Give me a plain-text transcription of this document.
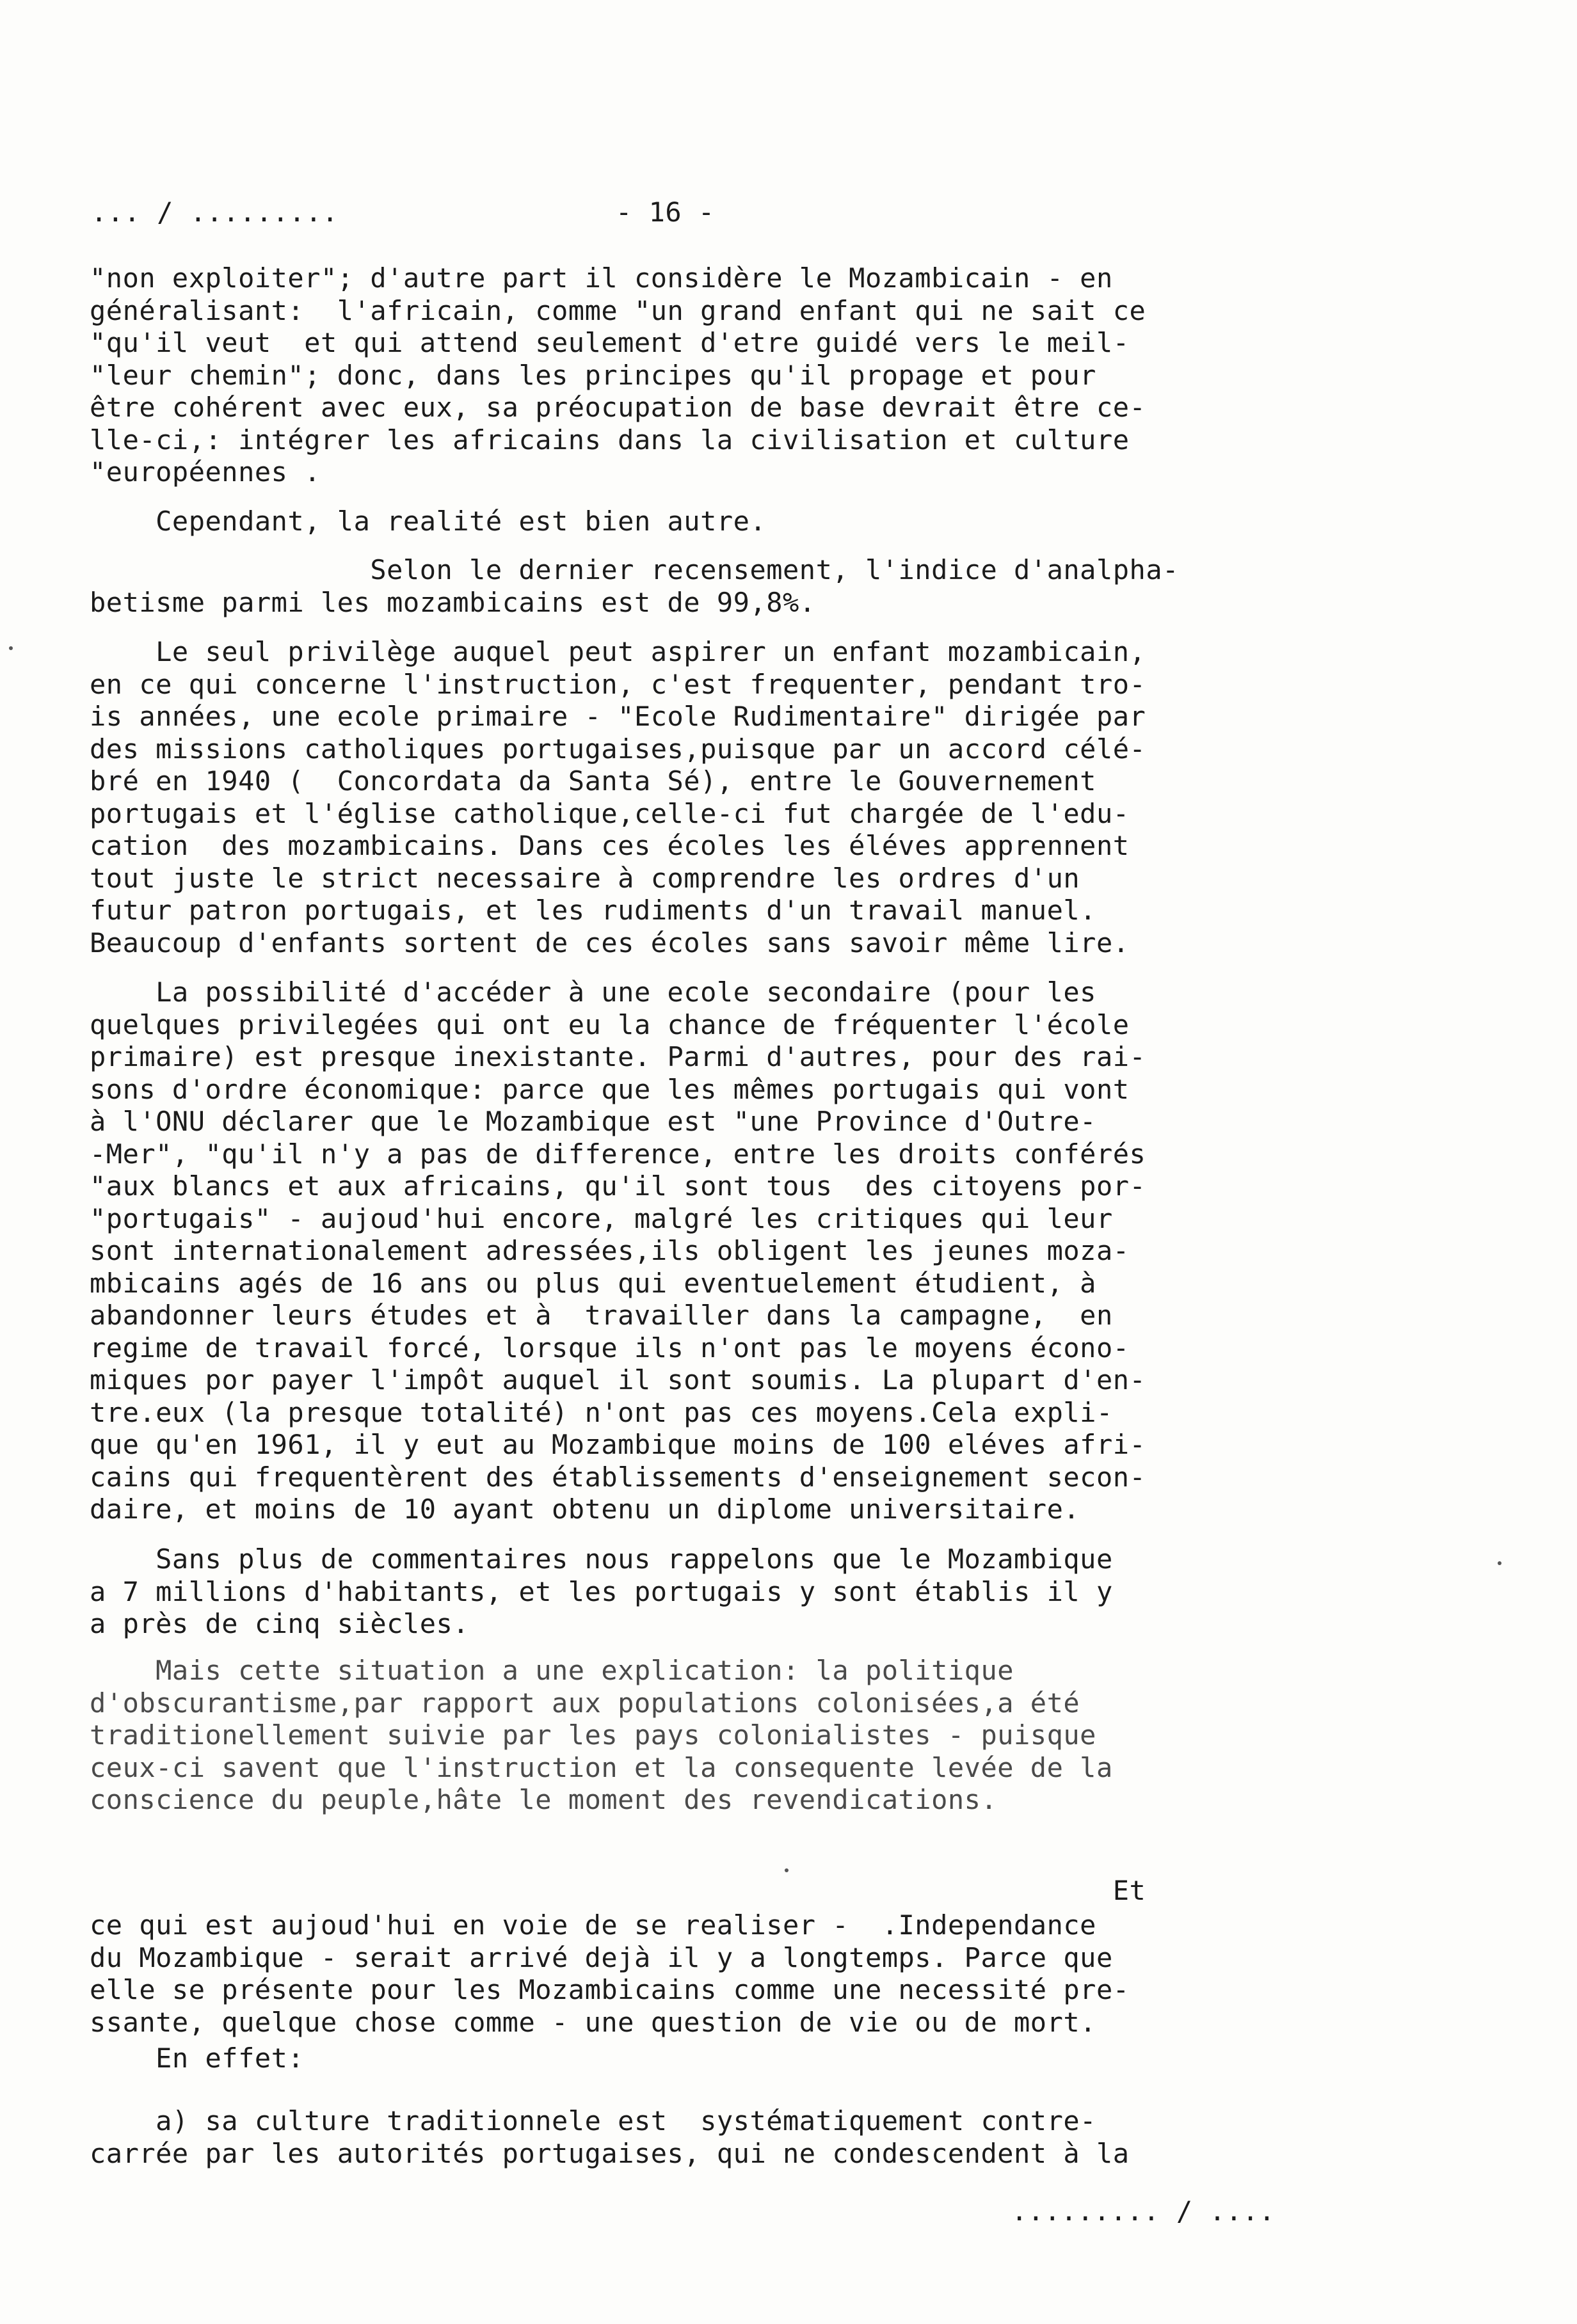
... / .........	- 16 -
"non exploiter"; d'autre part il considère le Mozambicain - en
généralisant:  l'africain, comme "un grand enfant qui ne sait ce
"qu'il veut  et qui attend seulement d'etre guidé vers le meil-
"leur chemin"; donc, dans les principes qu'il propage et pour
être cohérent avec eux, sa préocupation de base devrait être ce-
lle-ci,: intégrer les africains dans la civilisation et culture
"européennes .
Cependant, la realité est bien autre.
Selon le dernier recensement, l'indice d'analpha-
betisme parmi les mozambicains est de 99,8%.
Le seul privilège auquel peut aspirer un enfant mozambicain,
en ce qui concerne l'instruction, c'est frequenter, pendant tro-
is années, une ecole primaire - "Ecole Rudimentaire" dirigée par
des missions catholiques portugaises,puisque par un accord célé-
bré en 1940 (  Concordata da Santa Sé), entre le Gouvernement
portugais et l'église catholique,celle-ci fut chargée de l'edu-
cation  des mozambicains. Dans ces écoles les éléves apprennent
tout juste le strict necessaire à comprendre les ordres d'un
futur patron portugais, et les rudiments d'un travail manuel.
Beaucoup d'enfants sortent de ces écoles sans savoir même lire.
La possibilité d'accéder à une ecole secondaire (pour les
quelques privilegées qui ont eu la chance de fréquenter l'école
primaire) est presque inexistante. Parmi d'autres, pour des rai-
sons d'ordre économique: parce que les mêmes portugais qui vont
à l'ONU déclarer que le Mozambique est "une Province d'Outre-
-Mer", "qu'il n'y a pas de difference, entre les droits conférés
"aux blancs et aux africains, qu'il sont tous  des citoyens por-
"portugais" - aujoud'hui encore, malgré les critiques qui leur
sont internationalement adressées,ils obligent les jeunes moza-
mbicains agés de 16 ans ou plus qui eventuelement étudient, à
abandonner leurs études et à  travailler dans la campagne,  en
regime de travail forcé, lorsque ils n'ont pas le moyens écono-
miques por payer l'impôt auquel il sont soumis. La plupart d'en-
tre.eux (la presque totalité) n'ont pas ces moyens.Cela expli-
que qu'en 1961, il y eut au Mozambique moins de 100 eléves afri-
cains qui frequentèrent des établissements d'enseignement secon-
daire, et moins de 10 ayant obtenu un diplome universitaire.
Sans plus de commentaires nous rappelons que le Mozambique
a 7 millions d'habitants, et les portugais y sont établis il y
a près de cinq siècles.
Mais cette situation a une explication: la politique
d'obscurantisme,par rapport aux populations colonisées,a été
traditionellement suivie par les pays colonialistes - puisque
ceux-ci savent que l'instruction et la consequente levée de la
conscience du peuple,hâte le moment des revendications.
Et
ce qui est aujoud'hui en voie de se realiser -  .Independance
du Mozambique - serait arrivé dejà il y a longtemps. Parce que
elle se présente pour les Mozambicains comme une necessité pre-
ssante, quelque chose comme - une question de vie ou de mort.
En effet:
a) sa culture traditionnele est  systématiquement contre-
carrée par les autorités portugaises, qui ne condescendent à la
......... / ....
